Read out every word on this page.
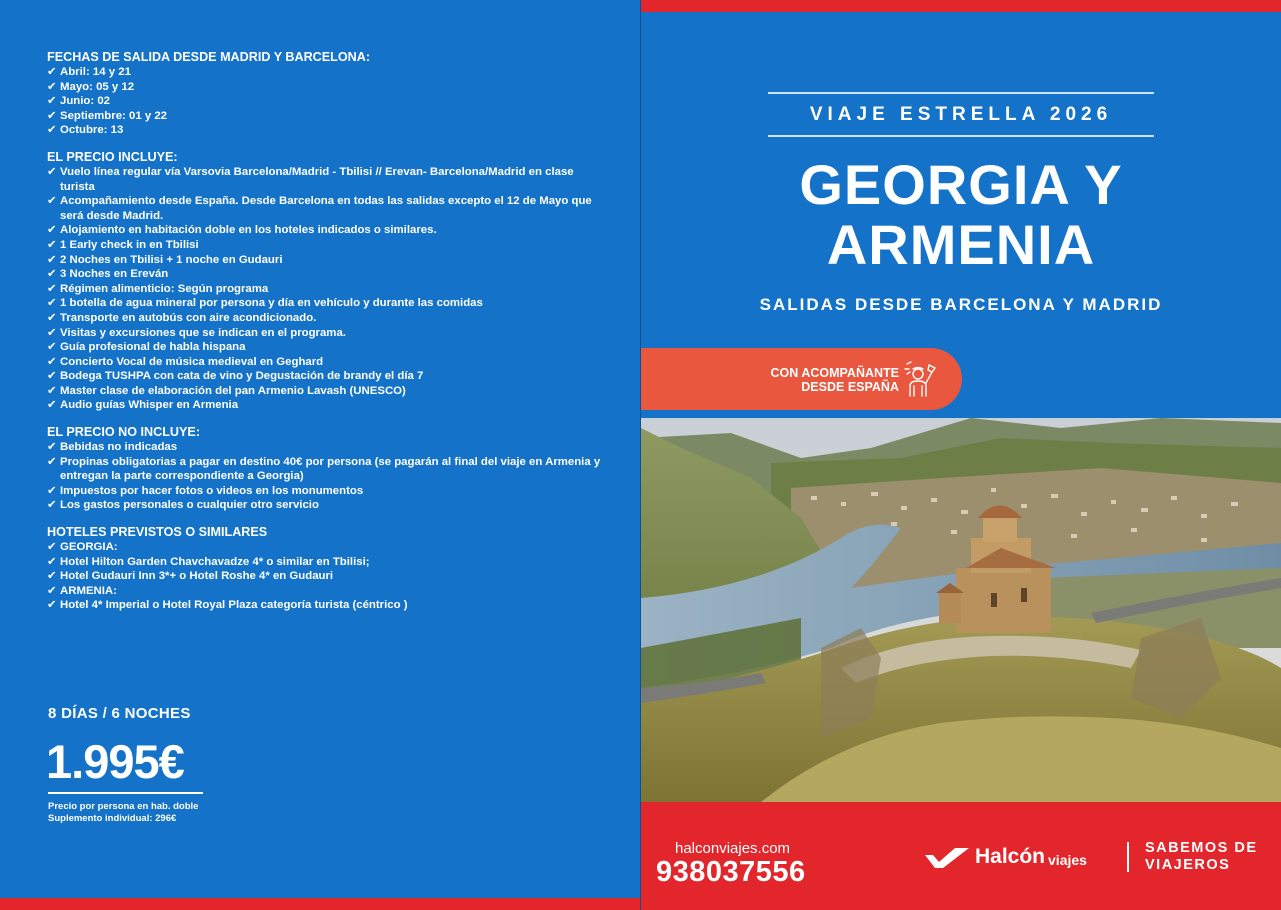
FECHAS DE SALIDA DESDE MADRID Y BARCELONA:
✔ Abril: 14 y 21
✔ Mayo: 05 y 12
✔ Junio: 02
✔ Septiembre: 01 y 22
✔ Octubre: 13
EL PRECIO INCLUYE:
✔ Vuelo línea regular vía Varsovia Barcelona/Madrid - Tbilisi // Erevan- Barcelona/Madrid en clase turista
✔ Acompañamiento desde España. Desde Barcelona en todas las salidas excepto el 12 de Mayo que será desde Madrid.
✔ Alojamiento en habitación doble en los hoteles indicados o similares.
✔ 1 Early check in en Tbilisi
✔ 2 Noches en Tbilisi + 1 noche en Gudauri
✔ 3 Noches en Ereván
✔ Régimen alimenticio: Según programa
✔ 1 botella de agua mineral por persona y día en vehículo y durante las comidas
✔ Transporte en autobús con aire acondicionado.
✔ Visitas y excursiones que se indican en el programa.
✔ Guía profesional de habla hispana
✔ Concierto Vocal de música medieval en Geghard
✔ Bodega TUSHPA con cata de vino y Degustación de brandy el día 7
✔ Master clase de elaboración del pan Armenio Lavash (UNESCO)
✔ Audio guías Whisper en Armenia
EL PRECIO NO INCLUYE:
✔ Bebidas no indicadas
✔ Propinas obligatorias a pagar en destino 40€ por persona (se pagarán al final del viaje en Armenia y entregan la parte correspondiente a Georgia)
✔ Impuestos por hacer fotos o videos en los monumentos
✔ Los gastos personales o cualquier otro servicio
HOTELES PREVISTOS O SIMILARES
✔ GEORGIA:
✔ Hotel Hilton Garden Chavchavadze 4* o similar en Tbilisi;
✔ Hotel Gudauri Inn 3*+ o Hotel Roshe 4* en Gudauri
✔ ARMENIA:
✔ Hotel 4* Imperial o Hotel Royal Plaza categoría turista (céntrico )
8 DÍAS / 6 NOCHES
1.995€
Precio por persona en hab. doble
Suplemento individual: 296€
VIAJE ESTRELLA 2026
GEORGIA Y
ARMENIA
SALIDAS DESDE BARCELONA Y MADRID
CON ACOMPAÑANTE
DESDE ESPAÑA
halconviajes.com
938037556	Halcón viajes
SABEMOS DE
VIAJEROS
